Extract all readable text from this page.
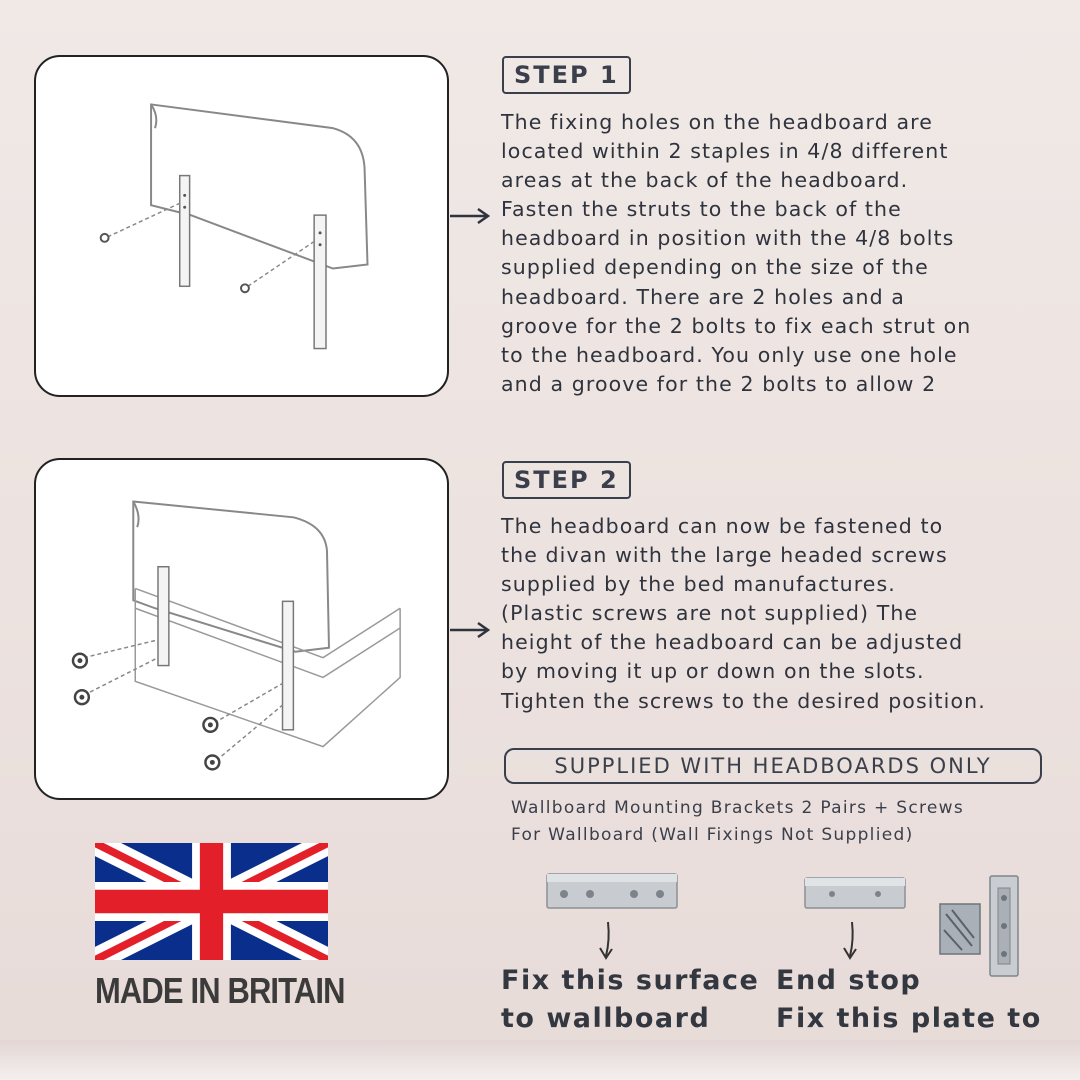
STEP 1
The fixing holes on the headboard are
located within 2 staples in 4/8 different
areas at the back of the headboard.
Fasten the struts to the back of the
headboard in position with the 4/8 bolts
supplied depending on the size of the
headboard. There are 2 holes and a
groove for the 2 bolts to fix each strut on
to the headboard. You only use one hole
and a groove for the 2 bolts to allow 2
STEP 2
The headboard can now be fastened to
the divan with the large headed screws
supplied by the bed manufactures.
(Plastic screws are not supplied) The
height of the headboard can be adjusted
by moving it up or down on the slots.
Tighten the screws to the desired position.
SUPPLIED WITH HEADBOARDS ONLY
Wallboard Mounting Brackets 2 Pairs + Screws
For Wallboard (Wall Fixings Not Supplied)
Fix this surface
to wallboard
End stop
Fix this plate to
MADE IN BRITAIN
